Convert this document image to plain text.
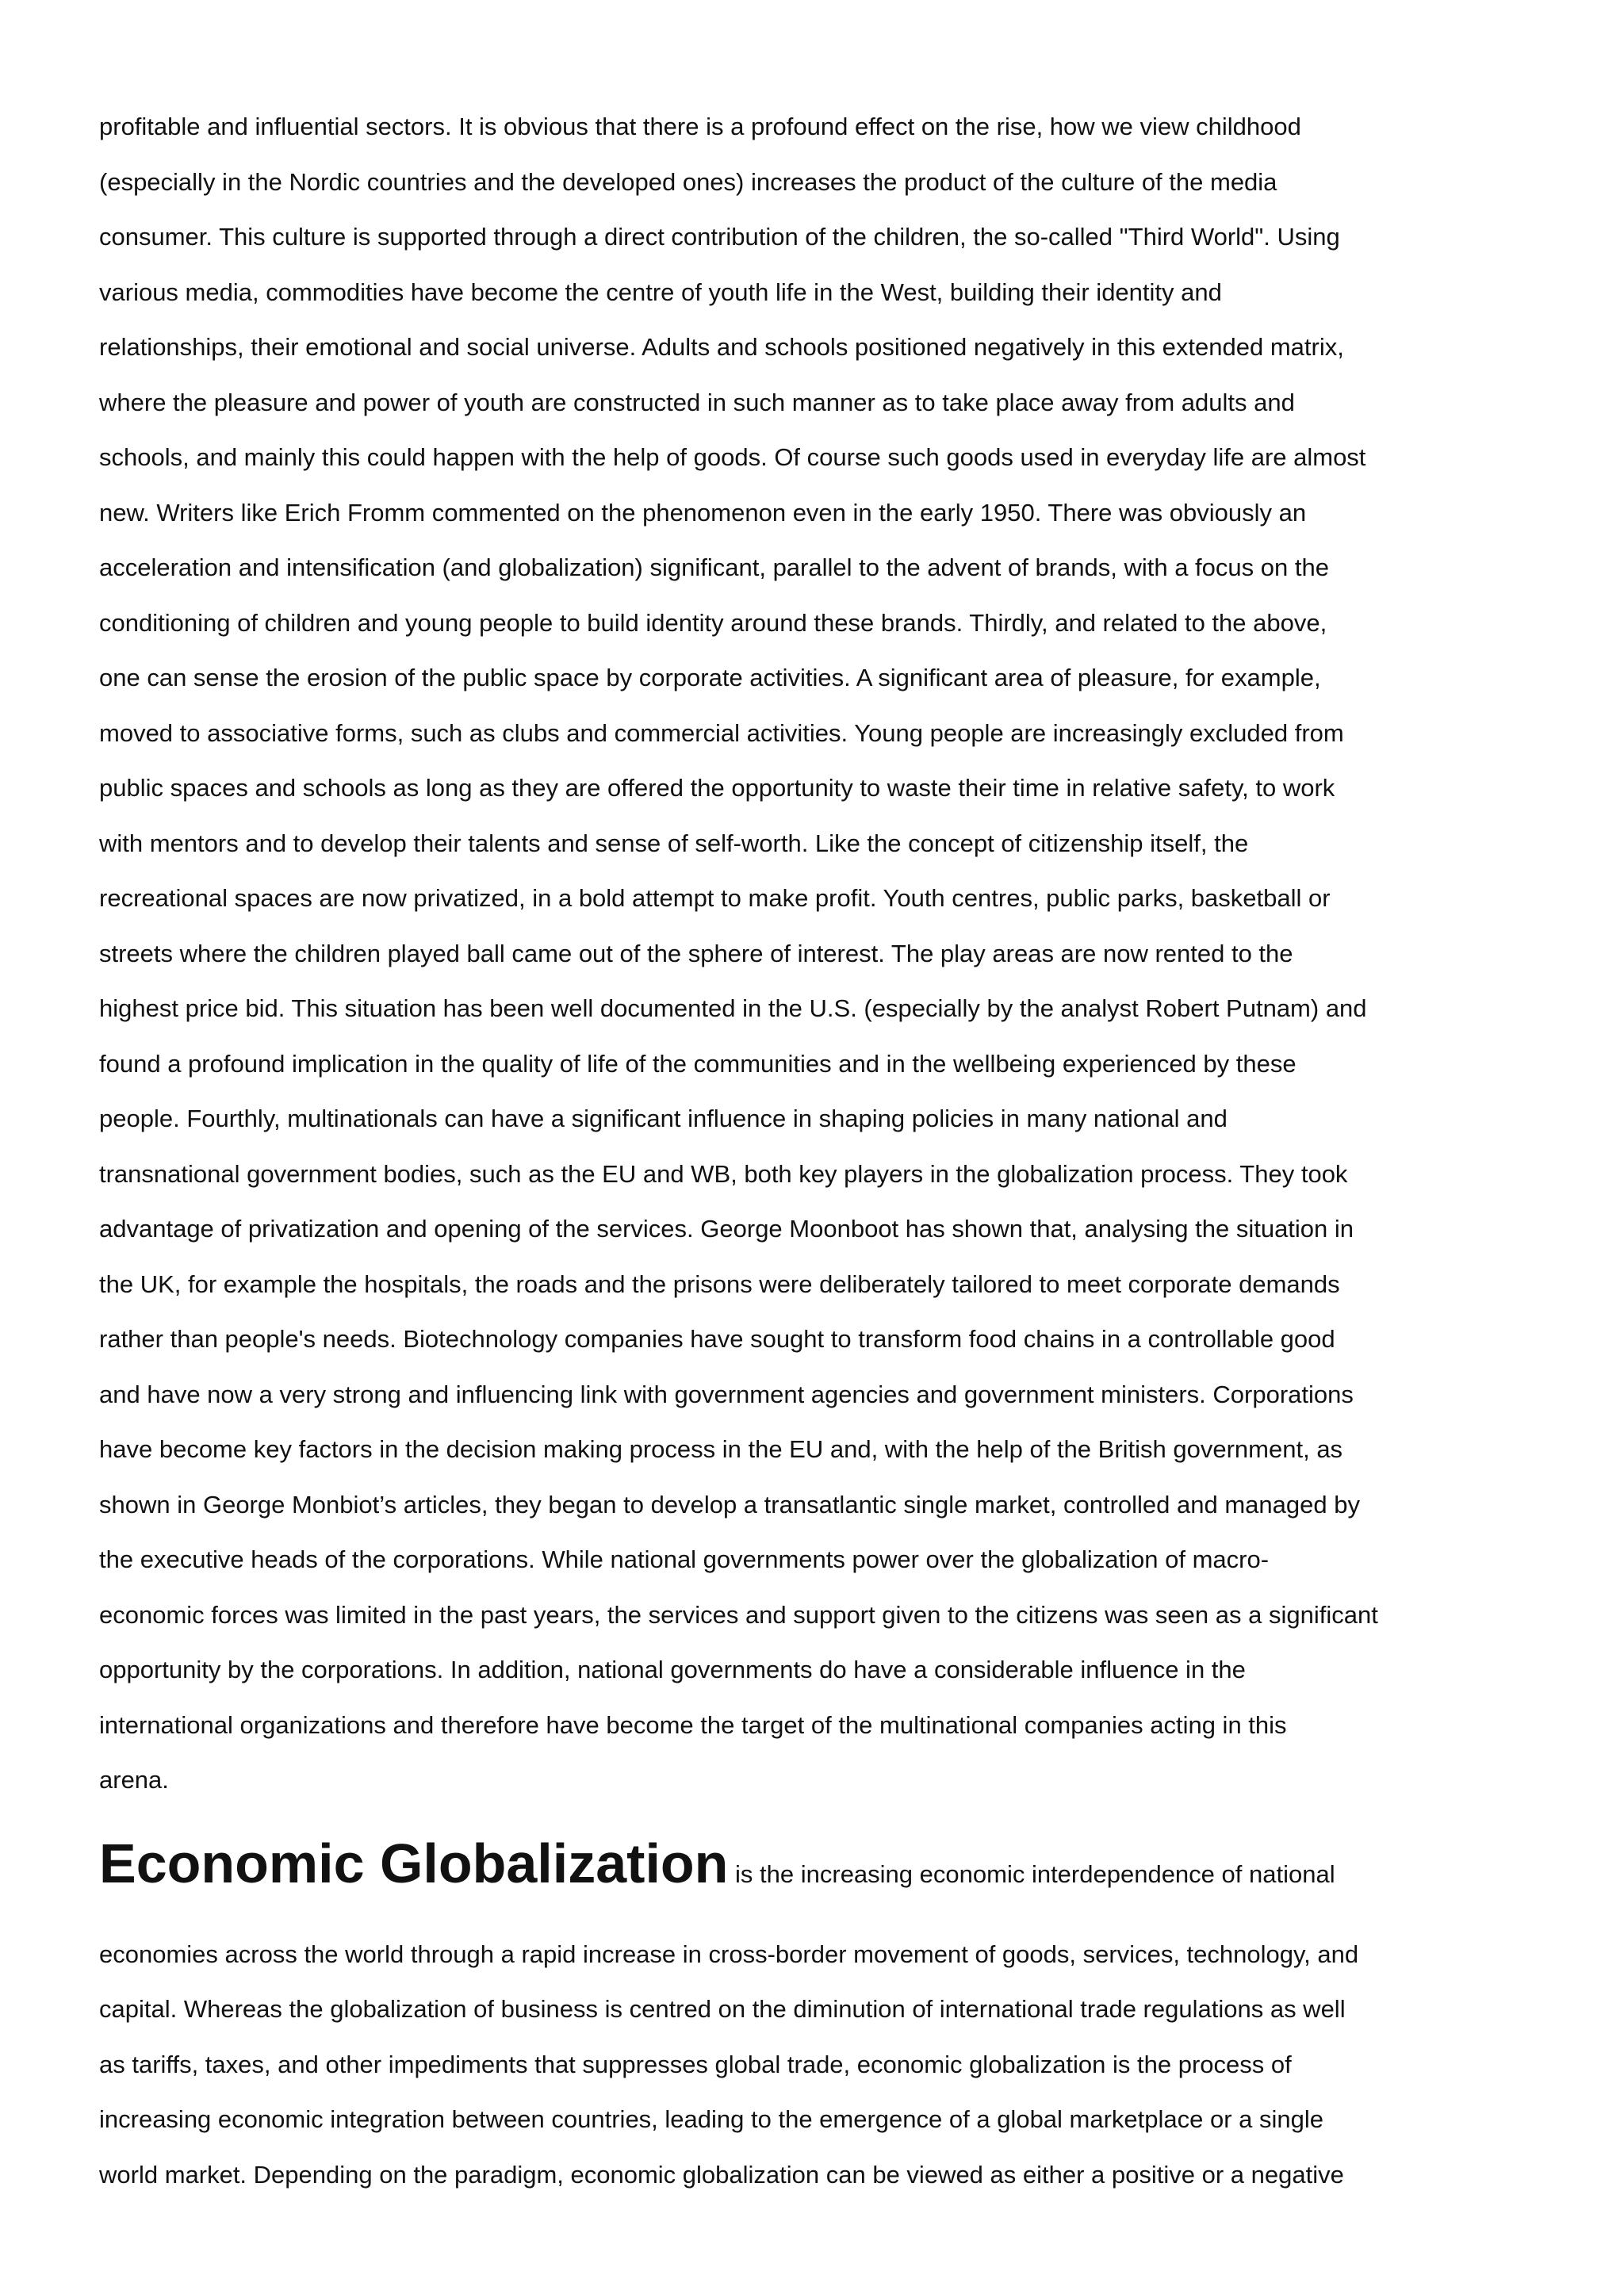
profitable and influential sectors. It is obvious that there is a profound effect on the rise, how we view childhood
(especially in the Nordic countries and the developed ones) increases the product of the culture of the media
consumer. This culture is supported through a direct contribution of the children, the so-called "Third World". Using
various media, commodities have become the centre of youth life in the West, building their identity and
relationships, their emotional and social universe. Adults and schools positioned negatively in this extended matrix,
where the pleasure and power of youth are constructed in such manner as to take place away from adults and
schools, and mainly this could happen with the help of goods. Of course such goods used in everyday life are almost
new. Writers like Erich Fromm commented on the phenomenon even in the early 1950. There was obviously an
acceleration and intensification (and globalization) significant, parallel to the advent of brands, with a focus on the
conditioning of children and young people to build identity around these brands. Thirdly, and related to the above,
one can sense the erosion of the public space by corporate activities. A significant area of pleasure, for example,
moved to associative forms, such as clubs and commercial activities. Young people are increasingly excluded from
public spaces and schools as long as they are offered the opportunity to waste their time in relative safety, to work
with mentors and to develop their talents and sense of self-worth. Like the concept of citizenship itself, the
recreational spaces are now privatized, in a bold attempt to make profit. Youth centres, public parks, basketball or
streets where the children played ball came out of the sphere of interest. The play areas are now rented to the
highest price bid. This situation has been well documented in the U.S. (especially by the analyst Robert Putnam) and
found a profound implication in the quality of life of the communities and in the wellbeing experienced by these
people. Fourthly, multinationals can have a significant influence in shaping policies in many national and
transnational government bodies, such as the EU and WB, both key players in the globalization process. They took
advantage of privatization and opening of the services. George Moonboot has shown that, analysing the situation in
the UK, for example the hospitals, the roads and the prisons were deliberately tailored to meet corporate demands
rather than people's needs. Biotechnology companies have sought to transform food chains in a controllable good
and have now a very strong and influencing link with government agencies and government ministers. Corporations
have become key factors in the decision making process in the EU and, with the help of the British government, as
shown in George Monbiot’s articles, they began to develop a transatlantic single market, controlled and managed by
the executive heads of the corporations. While national governments power over the globalization of macro-
economic forces was limited in the past years, the services and support given to the citizens was seen as a significant
opportunity by the corporations. In addition, national governments do have a considerable influence in the
international organizations and therefore have become the target of the multinational companies acting in this
arena.
Economic Globalization is the increasing economic interdependence of national
economies across the world through a rapid increase in cross-border movement of goods, services, technology, and
capital. Whereas the globalization of business is centred on the diminution of international trade regulations as well
as tariffs, taxes, and other impediments that suppresses global trade, economic globalization is the process of
increasing economic integration between countries, leading to the emergence of a global marketplace or a single
world market. Depending on the paradigm, economic globalization can be viewed as either a positive or a negative
